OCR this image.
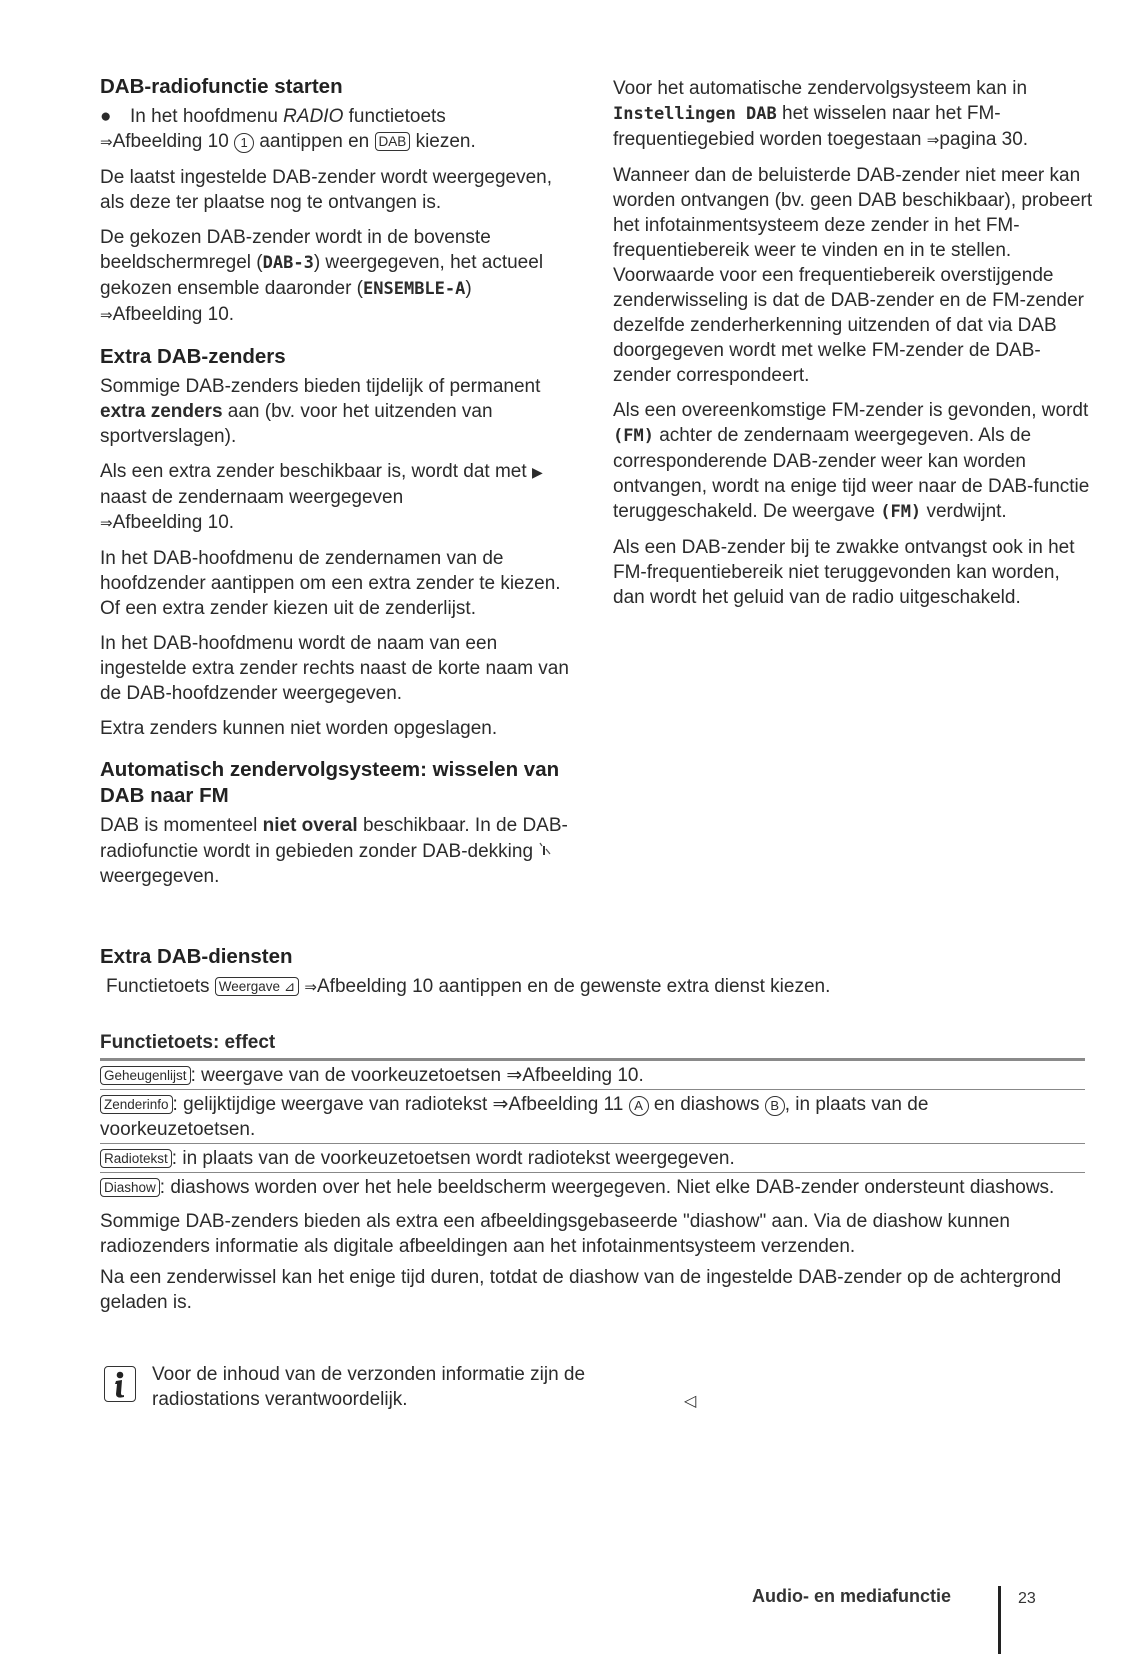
DAB-radiofunctie starten

● In het hoofdmenu RADIO functietoets
⇒Afbeelding 10 1 aantippen en DAB kiezen.

De laatst ingestelde DAB-zender wordt weergegeven, als deze ter plaatse nog te ontvangen is.

De gekozen DAB-zender wordt in de bovenste beeldschermregel (DAB-3) weergegeven, het actueel gekozen ensemble daaronder (ENSEMBLE-A)
⇒Afbeelding 10.

Extra DAB-zenders

Sommige DAB-zenders bieden tijdelijk of permanent extra zenders aan (bv. voor het uitzenden van sportverslagen).

Als een extra zender beschikbaar is, wordt dat met ▶ naast de zendernaam weergegeven
⇒Afbeelding 10.

In het DAB-hoofdmenu de zendernamen van de hoofdzender aantippen om een extra zender te kiezen. Of een extra zender kiezen uit de zenderlijst.

In het DAB-hoofdmenu wordt de naam van een ingestelde extra zender rechts naast de korte naam van de DAB-hoofdzender weergegeven.

Extra zenders kunnen niet worden opgeslagen.

Automatisch zendervolgsysteem: wisselen van DAB naar FM

DAB is momenteel niet overal beschikbaar. In de DAB-radiofunctie wordt in gebieden zonder DAB-dekking  weergegeven.

Voor het automatische zendervolgsysteem kan in Instellingen DAB het wisselen naar het FM-frequentiegebied worden toegestaan ⇒pagina 30.

Wanneer dan de beluisterde DAB-zender niet meer kan worden ontvangen (bv. geen DAB beschikbaar), probeert het infotainmentsysteem deze zender in het FM-frequentiebereik weer te vinden en in te stellen. Voorwaarde voor een frequentiebereik overstijgende zenderwisseling is dat de DAB-zender en de FM-zender dezelfde zenderherkenning uitzenden of dat via DAB doorgegeven wordt met welke FM-zender de DAB-zender correspondeert.

Als een overeenkomstige FM-zender is gevonden, wordt (FM) achter de zendernaam weergegeven. Als de corresponderende DAB-zender weer kan worden ontvangen, wordt na enige tijd weer naar de DAB-functie teruggeschakeld. De weergave (FM) verdwijnt.

Als een DAB-zender bij te zwakke ontvangst ook in het FM-frequentiebereik niet teruggevonden kan worden, dan wordt het geluid van de radio uitgeschakeld.

Extra DAB-diensten

Functietoets Weergave ⊿ ⇒Afbeelding 10 aantippen en de gewenste extra dienst kiezen.

Functietoets: effect
Geheugenlijst : weergave van de voorkeuzetoetsen ⇒Afbeelding 10.
Zenderinfo : gelijktijdige weergave van radiotekst ⇒Afbeelding 11 A en diashows B , in plaats van de voorkeuzetoetsen.
Radiotekst : in plaats van de voorkeuzetoetsen wordt radiotekst weergegeven.
Diashow : diashows worden over het hele beeldscherm weergegeven. Niet elke DAB-zender ondersteunt diashows.

Sommige DAB-zenders bieden als extra een afbeeldingsgebaseerde "diashow" aan. Via de diashow kunnen radiozenders informatie als digitale afbeeldingen aan het infotainmentsysteem verzenden.

Na een zenderwissel kan het enige tijd duren, totdat de diashow van de ingestelde DAB-zender op de achtergrond geladen is.

Voor de inhoud van de verzonden informatie zijn de radiostations verantwoordelijk.	◁
Audio- en mediafunctie	23
